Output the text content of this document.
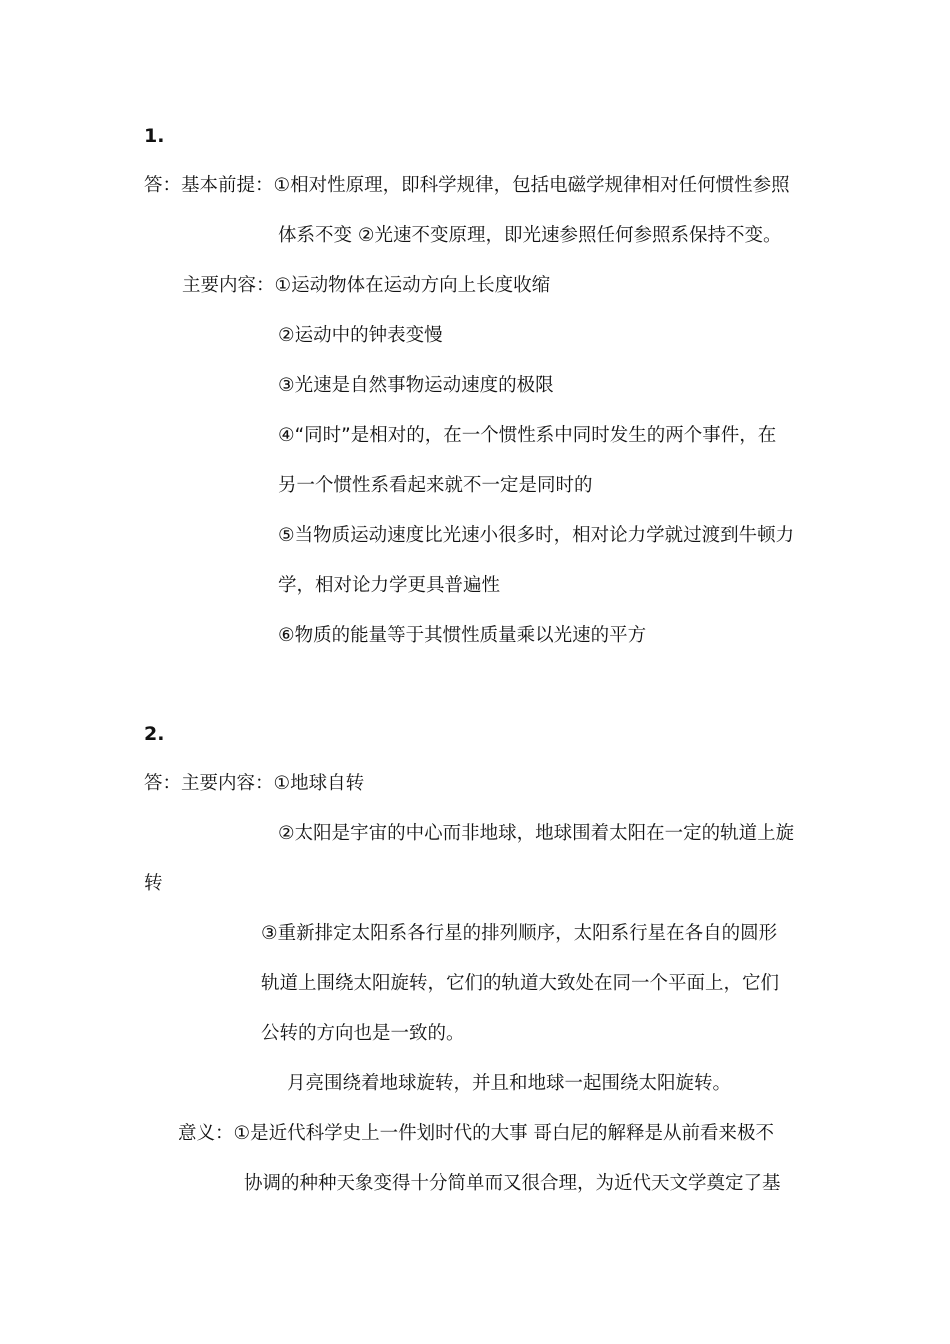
1.
答：基本前提：①相对性原理，即科学规律，包括电磁学规律相对任何惯性参照
体系不变 ②光速不变原理，即光速参照任何参照系保持不变。
主要内容：①运动物体在运动方向上长度收缩
②运动中的钟表变慢
③光速是自然事物运动速度的极限
④“同时”是相对的，在一个惯性系中同时发生的两个事件，在
另一个惯性系看起来就不一定是同时的
⑤当物质运动速度比光速小很多时，相对论力学就过渡到牛顿力
学，相对论力学更具普遍性
⑥物质的能量等于其惯性质量乘以光速的平方
2.
答：主要内容：①地球自转
②太阳是宇宙的中心而非地球，地球围着太阳在一定的轨道上旋
转
③重新排定太阳系各行星的排列顺序，太阳系行星在各自的圆形
轨道上围绕太阳旋转，它们的轨道大致处在同一个平面上，它们
公转的方向也是一致的。
月亮围绕着地球旋转，并且和地球一起围绕太阳旋转。
意义：①是近代科学史上一件划时代的大事 哥白尼的解释是从前看来极不
协调的种种天象变得十分简单而又很合理，为近代天文学奠定了基
